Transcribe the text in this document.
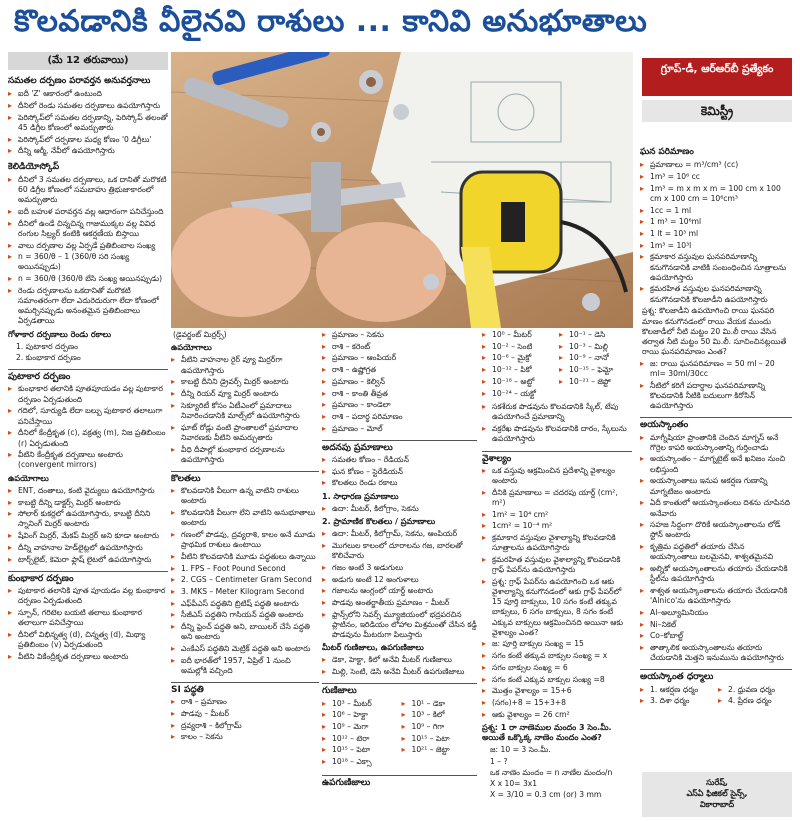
కొలవడానికి వీలైనవి రాశులు ... కానివి అనుభూతాలు
(మే 12 తరువాయి)
సమతల దర్పణం పరావర్తన అనువర్తనాలు
▸ ఐదీ 'Z' ఆకారంలో ఉంటుంది
▸ దీనిలో రెండు సమతల దర్పణాలు ఉపయోగిస్తారు
▸ పెరిస్కోప్‌లో సమతల దర్పణాన్ని, పెరిస్కోప్ తలంతో 45 డిగ్రీల కోణంలో అమర్చుతారు
▸ పెరిస్కోప్‌లో దర్పణాల మధ్య కోణం '0 డిగ్రీలు'
▸ దీన్ని ఆర్మీ, నేవీలో ఉపయోగిస్తారు
కెలిడియోస్కోప్
▸ దీనిలో 3 సమతల దర్పణాలు, ఒక దానితో మరొకటి 60 డిగ్రీల కోణంలో సమబాహు త్రిభుజాకారంలో అమర్చుతారు
▸ ఐదీ బహుళ పరావర్తన వల్ల ఆధారంగా పనిచేస్తుంది
▸ దీనిలో ఉండే చిన్నచిన్న గాజుముక్కల వల్ల వివిధ రంగుల సిల్ర్యర్ కంటికి ఆకర్షణీయ బిస్తాయి
▸ వాలు దర్పణాల వల్ల ఏర్పడే ప్రతిబింబాల సంఖ్య
▸ n = 360/θ – 1 (360/θ సరి సంఖ్య అయినప్పుడు)
▸ n = 360/θ (360/θ బేసి సంఖ్య అయినప్పుడు)
▸ రెండు దర్పణాలను ఒకదానితో మరొకటి సమాంతరంగా లేదా ఎదురెదురుగా లేదా కోణంలో అమర్చినప్పుడు అనంతమైన ప్రతిబింబాలు ఏర్పడతాయి
గోళాకార దర్పణాలు రెండు రకాలు
1. పుటాకార దర్పణం
2. కుంభాకార దర్పణం
పుటాకార దర్పణం
▸ కుంభాకార తలానికి పూతపూయడం వల్ల పుటాకార దర్పణం ఏర్పడుతుంది
▸ గదిలో, సూర్యుడి లేదా బల్బు పుటాకార తలాలుగా పనిచేస్తాయి
▸ దీనిలో కేంద్రీకృత (c), వక్రత్వ (m), నిజ ప్రతిబింబం (r) ఏర్పడుతుంది
▸ వీటిని కేంద్రీకృత దర్పణాలు అంటారు (convergent mirrors)
ఉపయోగాలు
▸ ENT, దంతాలు, కంటి వైద్యులు ఉపయోగిస్తారు
▸ కాబట్టి దీన్ని డాక్టర్స్ మిర్రర్ అంటారు
▸ సోలార్ కుకర్లలో ఉపయోగిస్తారు, కాబట్టి దీనిని స్నానింగ్ మిర్రర్ అంటారు
▸ షేవింగ్ మిర్రర్, మేకప్ మిర్రర్ అని కూడా అంటారు
▸ దీన్ని వాహనాల హెడ్‌లైట్లలో ఉపయోగిస్తారు
▸ టార్చ్‌లైట్, కెమెరా ఫ్లాష్ లైటలో ఉపయోగిస్తారు
కుంభాకార దర్పణం
▸ పుటాకార తలానికి పూత పూయడం వల్ల కుంభాకార దర్పణం ఏర్పడుతుంది
▸ స్పూన్, గరిటెల బయటి తలాలు కుంభాకార తలాలుగా పనిచేస్తాయి
▸ దీనిలో విభిన్నత్వ (d), చిన్నత్వ (d), మిథ్యా ప్రతిబింబం (v) ఏర్పడుతుంది
▸ వీటిని వికేంద్రీకృత దర్పణాలు అంటారు
(డైవర్జంట్ మిర్రర్స్)
ఉపయోగాలు
▸ వీటిని వాహనాల రైర్ వ్యూ మిర్రర్‌గా ఉపయోగిస్తారు
▸ కాబట్టి దీనిని డ్రైవర్స్ మిర్రర్ అంటారు
▸ దీన్ని రియర్ వ్యూ మిర్రర్ అంటారు
▸ సెక్యూరిటీ కోసం ఏటీఎంలో ప్రమాదాలు నివారించడానికి మాల్స్‌లో ఉపయోగిస్తారు
▸ ఘాట్ రోడ్లు వంటి ప్రాంతాలలో ప్రమాదాల నివారణకు వీటిని అమర్చుతారు
▸ వీధి దీపాల్లో కుంభాకార దర్పణాలను ఉపయోగిస్తారు
కొలతలు
▸ కొలవడానికి వీలుగా ఉన్న వాటిని రాశులు అంటారు
▸ కొలవడానికి వీలుగా లేని వాటిని అనుభూతాలు అంటారు
▸ గణంలో పొడవు, ద్రవ్యరాశి, కాలం అనే మూడు ప్రాథమిక రాశులు ఉంటాయి
▸ వీటిని కొలవడానికి మూడు పద్ధతులు ఉన్నాయి
▸ 1. FPS – Foot Pound Second
▸ 2. CGS – Centimeter Gram Second
▸ 3. MKS – Meter Kilogram Second
▸ ఎఫ్‌పీఎస్ పద్ధతిని బ్రిటిష్ పద్ధతి అంటారు
▸ సీజీఎస్ పద్ధతిని గాసియన్ పద్ధతి అంటారు
▸ దీన్ని ఫ్రెంచ్ పద్ధతి అని, బాయిలర్ చేసే పద్ధతి అని అంటారు
▸ ఎంకేఎస్ పద్ధతిని మెట్రిక్ పద్ధతి అని అంటారు
▸ ఐదీ భారత్‌లో 1957, ఏప్రిల్ 1 నుంచి అమల్లోకి వచ్చింది
SI పద్ధతి
▸ రాశి – ప్రమాణం
▸ పొడవు – మీటర్
▸ ద్రవ్యరాశి – కిలోగ్రామ్
▸ కాలం – సెకను
▸ ప్రమాణం – సెకను
▸ రాశి – కరెంట్
▸ ప్రమాణం – ఆంపియర్
▸ రాశి – ఉష్ణోగ్రత
▸ ప్రమాణం – కెల్విన్
▸ రాశి – కాంతి తీవ్రత
▸ ప్రమాణం – కాండెలా
▸ రాశి – పదార్థ పరిమాణం
▸ ప్రమాణం – మోల్
అదనపు ప్రమాణాలు
▸ సమతల కోణం – రేడియన్
▸ ఘన కోణం – స్టెరేడియన్
▸ కొలతలు రెండు రకాలు
1. సాధారణ ప్రమాణాలు
▸ ఉదా: మీటర్, కిలోగ్రాం, సెకను
2. ప్రామాణిక కొలతలు / ప్రమాణాలు
▸ ఉదా: మీటర్, కిలోగ్రామ్, సెకను, ఆంపియర్
▸ మొగలుల కాలంలో దూరాలను గజ, బారలతో కొలిచేవారు
▸ గజం అంటే 3 అడుగులు
▸ అడుగు అంటే 12 అంగుళాలు
▸ గజాలను ఆంగ్లంలో యార్డ్ అంటారు
▸ పొడవు అంతర్జాతీయ ప్రమాణం – మీటర్
▸ ఫ్రాన్స్‌లోని సెవర్స్ మ్యూజియంలో భద్రపరచిన ప్లాటినం, ఇరిడియం లోహాల మిశ్రమంతో చేసిన కడ్డీ పొడవును మీటరుగా పిలుస్తారు
మీటర్ గుణిజాలు, ఉపగుణిజాలు
▸ డెకా, హెక్టా, కిలో అనేవి మీటర్ గుణిజాలు
▸ మిల్లి, సెంటి, డెసి అనేవి మీటర్ ఉపగుణిజాలు
గుణిజాలు
▸ 10³ – మీటర్	▸ 10¹ – డెకా
▸ 10⁶ – హెక్టా	▸ 10³ – కిలో
▸ 10⁹ – మెగా	▸ 10⁹ – గిగా
▸ 10¹² – టెరా	▸ 10¹⁵ – పెటా
▸ 10¹⁵ – పెటా	▸ 10²¹ – జెట్టా
▸ 10¹⁸ – ఎక్సా
ఉపగుణిజాలు
▸ 10⁰ – మీటర్	▸ 10⁻¹ – డెసి
▸ 10⁻² – సెంటి	▸ 10⁻³ – మిల్లి
▸ 10⁻⁶ – మైక్రో	▸ 10⁻⁹ – నానో
▸ 10⁻¹² – పికో	▸ 10⁻¹⁵ – ఫెమ్టో
▸ 10⁻¹⁸ – అట్టో	▸ 10⁻²¹ – జెప్టో
▸ 10⁻²⁴ – యక్టో
▸ సకశేరుక పొడవును కొలవడానికి స్కేల్, టేపు ఉపయోగించే ప్రమాణాన్ని
▸ వక్రరేఖ పొడవును కొలవడానికి దారం, స్కేలును ఉపయోగిస్తారు
వైశాల్యం
▸ ఒక వస్తువు ఆక్రమించిన ప్రదేశాన్ని వైశాల్యం అంటారు
▸ దీనికి ప్రమాణాలు = చదరపు యార్డ్ (cm², m²)
▸ 1m² = 10⁴ cm²
▸ 1cm² = 10⁻⁴ m²
▸ క్రమాకార వస్తువుల వైశాల్యాన్ని కొలవడానికి సూత్రాలను ఉపయోగిస్తారు
▸ క్రమరహిత వస్తువుల వైశాల్యాన్ని కొలవడానికి గ్రాఫ్ పేపర్‌ను ఉపయోగిస్తారు
▸ ప్రశ్న: గ్రాఫ్ పేపర్‌ను ఉపయోగించి ఒక ఆకు వైశాల్యాన్ని కనుగొనడంలో ఆకు గ్రాఫ్ పేపర్‌లో 15 పూర్తి బాక్సులు, 10 సగం కంటే తక్కువ బాక్సులు, 6 సగం బాక్సులు, 8 సగం కంటే ఎక్కువ బాక్సులు ఆక్రమించినది అయినా ఆకు వైశాల్యం ఎంత?
▸ జ: పూర్తి బాక్సుల సంఖ్య = 15
▸ సగం కంటే తక్కువ బాక్సుల సంఖ్య = x
▸ సగం బాక్సుల సంఖ్య = 6
▸ సగం కంటే ఎక్కువ బాక్సుల సంఖ్య =8
▸ మొత్తం వైశాల్యం = 15+6
▸ (సగం)+8 = 15+3+8
▸ ఆకు వైశాల్యం = 26 cm²
ప్రశ్న: 1 రా నాణెముల మందం 3 సెం.మీ. అయితే ఒక్కొక్క నాణెం మందం ఎంత?
జ: 10 = 3 సెం.మీ.
1 – ?
ఒక నాణెం మందం = n నాణేల మందం/n
X x 10= 3x1
X = 3/10 = 0.3 cm (or) 3 mm
గ్రూప్-డీ, ఆర్ఆర్‌బీ ప్రత్యేకం
కెమిస్ట్రీ
ఘన పరిమాణం
▸ ప్రమాణాలు = m³/cm³ (cc)
▸ 1m³ = 10⁶ cc
▸ 1m³ = m x m x m = 100 cm x 100 cm x 100 cm = 10⁶cm³
▸ 1cc = 1 ml
▸ 1 m³ = 10⁶ml
▸ 1 lt = 10³ ml
▸ 1m³ = 10³l
▸ క్రమాకార వస్తువుల ఘనపరిమాణాన్ని కనుగొనడానికి వాటికి సంబంధించిన సూత్రాలను ఉపయోగిస్తారు
▸ క్రమరహిత వస్తువుల ఘనపరిమాణాన్ని కనుగొనడానికి కొలజాడీని ఉపయోగిస్తారు
ప్రశ్న: కొలజాడీని ఉపయోగించి రాయి ఘనపరి మాణం కనుగొనడంలో రాయి వేయక ముందు కొలజాడీలో నీటి మట్టం 20 మి.లీ రాయి వేసిన తర్వాత నీటి మట్టం 50 మి.లీ. సూచించినట్లయితే రాయి ఘనపరిమాణం ఎంత?
▸ జ: రాయి ఘనపరిమాణం = 50 ml – 20 ml= 30ml/30cc
▸ నీటిలో కరిగే పదార్థాల ఘనపరిమాణాన్ని కొలవడానికి నీటికి బదులుగా కిరోసిన్ ఉపయోగిస్తారు
అయస్కాంతం
▸ మాగ్నీషియా ప్రాంతానికి చెందిన మాగ్నస్ అనే గొర్రెల కాపరి అయస్కాంతాన్ని గుర్తించాడు
▸ అయస్కాంతం – మాగ్నటైట్ అనే ఖనిజం నుంచి లభిస్తుంది
▸ అయస్కాంతాలు ఇనుప ఆకర్షణ గుణాన్ని మాగ్నటిజం అంటారు
▸ ఏదీ కాంతులో అయస్కాంతంలు దిశను చూపినది అనేవారు
▸ సహజ సిద్ధంగా దొరికే అయస్కాంతాలను లోడ్ స్టోన్ అంటారు
▸ కృత్రిమ పద్ధతిలో తయారు చేసిన అయస్కాంతాలు బలమైనవి, శాశ్వతమైనవి
▸ అల్నికో అయస్కాంతాలను తయారు చేయడానికి స్టీల్‌ను ఉపయోగిస్తారు
▸ శాశ్వత అయస్కాంతాలను తయారు చేయడానికి 'Alnico'ను ఉపయోగిస్తారు
▸ Al–అల్యూమినియం
▸ Ni–నికెల్
▸ Co–కోబాల్ట్
▸ తాత్కాలిక అయస్కాంతాలను తయారు చేయడానికి మెత్తని ఇనుమును ఉపయోగిస్తారు
అయస్కాంత ధర్మాలు
▸ 1. ఆకర్షణ ధర్మం	▸ 2. ధ్రువణ ధర్మం
▸ 3. దిశా ధర్మం	▸ 4. ప్రేరణ ధర్మం
సురేష్,
ఎస్ఏ ఫిజికల్ సైన్స్,
వికారాబాద్
